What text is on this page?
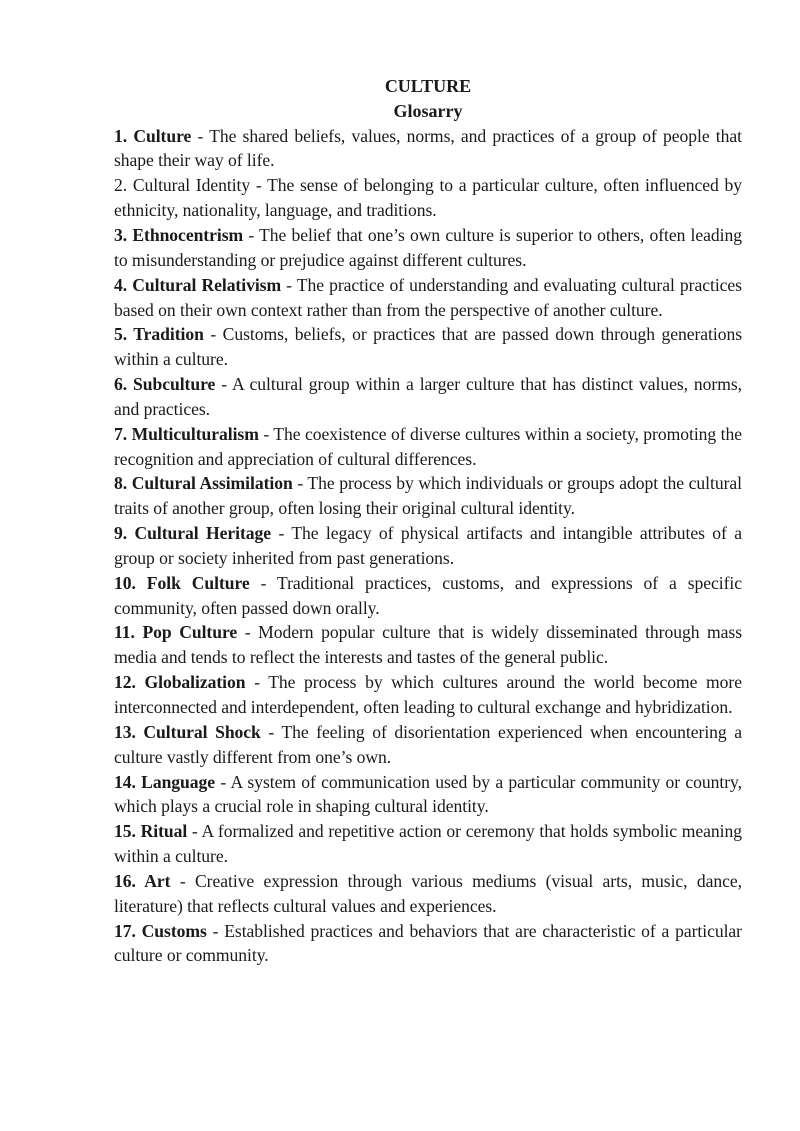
CULTURE

Glosarry

1. Culture - The shared beliefs, values, norms, and practices of a group of people that shape their way of life.

2. Cultural Identity - The sense of belonging to a particular culture, often influenced by ethnicity, nationality, language, and traditions.

3. Ethnocentrism - The belief that one’s own culture is superior to others, often leading to misunderstanding or prejudice against different cultures.

4. Cultural Relativism - The practice of understanding and evaluating cultural practices based on their own context rather than from the perspective of another culture.

5. Tradition - Customs, beliefs, or practices that are passed down through generations within a culture.

6. Subculture - A cultural group within a larger culture that has distinct values, norms, and practices.

7. Multiculturalism - The coexistence of diverse cultures within a society, promoting the recognition and appreciation of cultural differences.

8. Cultural Assimilation - The process by which individuals or groups adopt the cultural traits of another group, often losing their original cultural identity.

9. Cultural Heritage - The legacy of physical artifacts and intangible attributes of a group or society inherited from past generations.

10. Folk Culture - Traditional practices, customs, and expressions of a specific community, often passed down orally.

11. Pop Culture - Modern popular culture that is widely disseminated through mass media and tends to reflect the interests and tastes of the general public.

12. Globalization - The process by which cultures around the world become more interconnected and interdependent, often leading to cultural exchange and hybridization.

13. Cultural Shock - The feeling of disorientation experienced when encountering a culture vastly different from one’s own.

14. Language - A system of communication used by a particular community or country, which plays a crucial role in shaping cultural identity.

15. Ritual - A formalized and repetitive action or ceremony that holds symbolic meaning within a culture.

16. Art - Creative expression through various mediums (visual arts, music, dance, literature) that reflects cultural values and experiences.

17. Customs - Established practices and behaviors that are characteristic of a particular culture or community.
